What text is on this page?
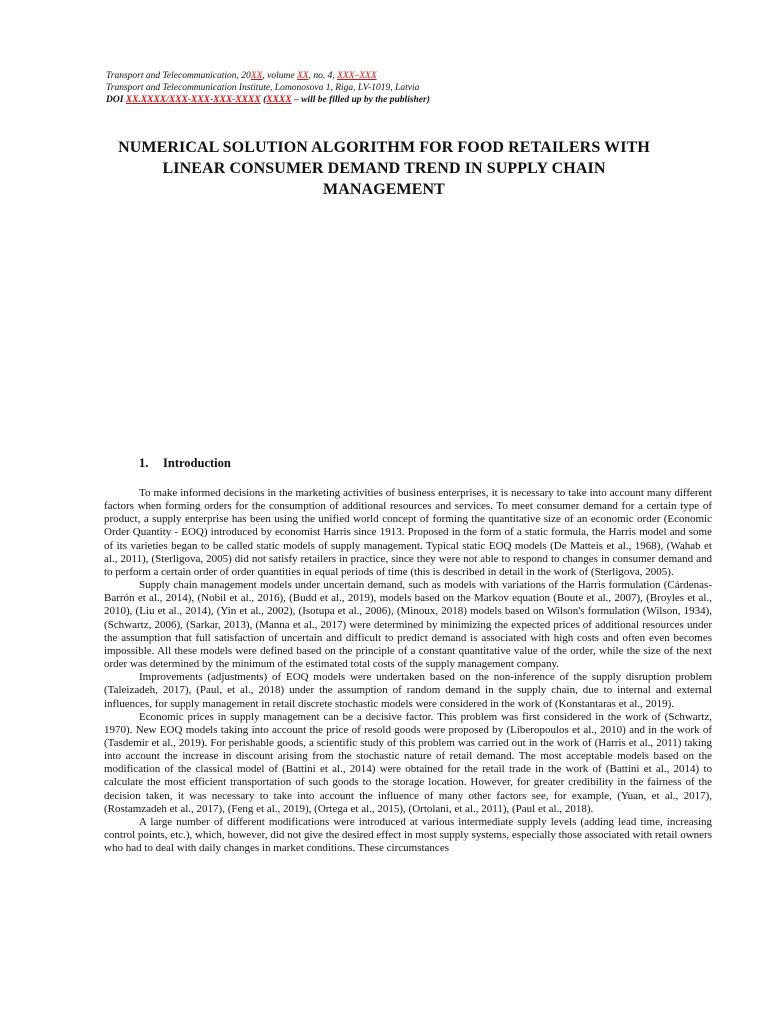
Transport and Telecommunication, 20XX, volume XX, no. 4, XXX–XXX
Transport and Telecommunication Institute, Lomonosova 1, Riga, LV-1019, Latvia
DOI XX.XXXX/XXX-XXX-XXX-XXXX (XXXX – will be filled up by the publisher)
NUMERICAL SOLUTION ALGORITHM FOR FOOD RETAILERS WITH LINEAR CONSUMER DEMAND TREND IN SUPPLY CHAIN MANAGEMENT
1. Introduction

To make informed decisions in the marketing activities of business enterprises, it is necessary to take into account many different factors when forming orders for the consumption of additional resources and services. To meet consumer demand for a certain type of product, a supply enterprise has been using the unified world concept of forming the quantitative size of an economic order (Economic Order Quantity - EOQ) introduced by economist Harris since 1913. Proposed in the form of a static formula, the Harris model and some of its varieties began to be called static models of supply management. Typical static EOQ models (De Matteis et al., 1968), (Wahab et al., 2011), (Sterligova, 2005) did not satisfy retailers in practice, since they were not able to respond to changes in consumer demand and to perform a certain order of order quantities in equal periods of time (this is described in detail in the work of (Sterligova, 2005).

Supply chain management models under uncertain demand, such as models with variations of the Harris formulation (Cárdenas-Barrón et al., 2014), (Nobil et al., 2016), (Budd et al., 2019), models based on the Markov equation (Boute et al., 2007), (Broyles et al., 2010), (Liu et al., 2014), (Yin et al., 2002), (Isotupa et al., 2006), (Minoux, 2018) models based on Wilson's formulation (Wilson, 1934), (Schwartz, 2006), (Sarkar, 2013), (Manna et al., 2017) were determined by minimizing the expected prices of additional resources under the assumption that full satisfaction of uncertain and difficult to predict demand is associated with high costs and often even becomes impossible. All these models were defined based on the principle of a constant quantitative value of the order, while the size of the next order was determined by the minimum of the estimated total costs of the supply management company.

Improvements (adjustments) of EOQ models were undertaken based on the non-inference of the supply disruption problem (Taleizadeh, 2017), (Paul, et al., 2018) under the assumption of random demand in the supply chain, due to internal and external influences, for supply management in retail discrete stochastic models were considered in the work of (Konstantaras et al., 2019).

Economic prices in supply management can be a decisive factor. This problem was first considered in the work of (Schwartz, 1970). New EOQ models taking into account the price of resold goods were proposed by (Liberopoulos et al., 2010) and in the work of (Tasdemir et al., 2019). For perishable goods, a scientific study of this problem was carried out in the work of (Harris et al., 2011) taking into account the increase in discount arising from the stochastic nature of retail demand. The most acceptable models based on the modification of the classical model of (Battini et al., 2014) were obtained for the retail trade in the work of (Battini et al., 2014) to calculate the most efficient transportation of such goods to the storage location. However, for greater credibility in the fairness of the decision taken, it was necessary to take into account the influence of many other factors see, for example, (Yuan, et al., 2017), (Rostamzadeh et al., 2017), (Feng et al., 2019), (Ortega et al., 2015), (Ortolani, et al., 2011), (Paul et al., 2018).

A large number of different modifications were introduced at various intermediate supply levels (adding lead time, increasing control points, etc.), which, however, did not give the desired effect in most supply systems, especially those associated with retail owners who had to deal with daily changes in market conditions. These circumstances
